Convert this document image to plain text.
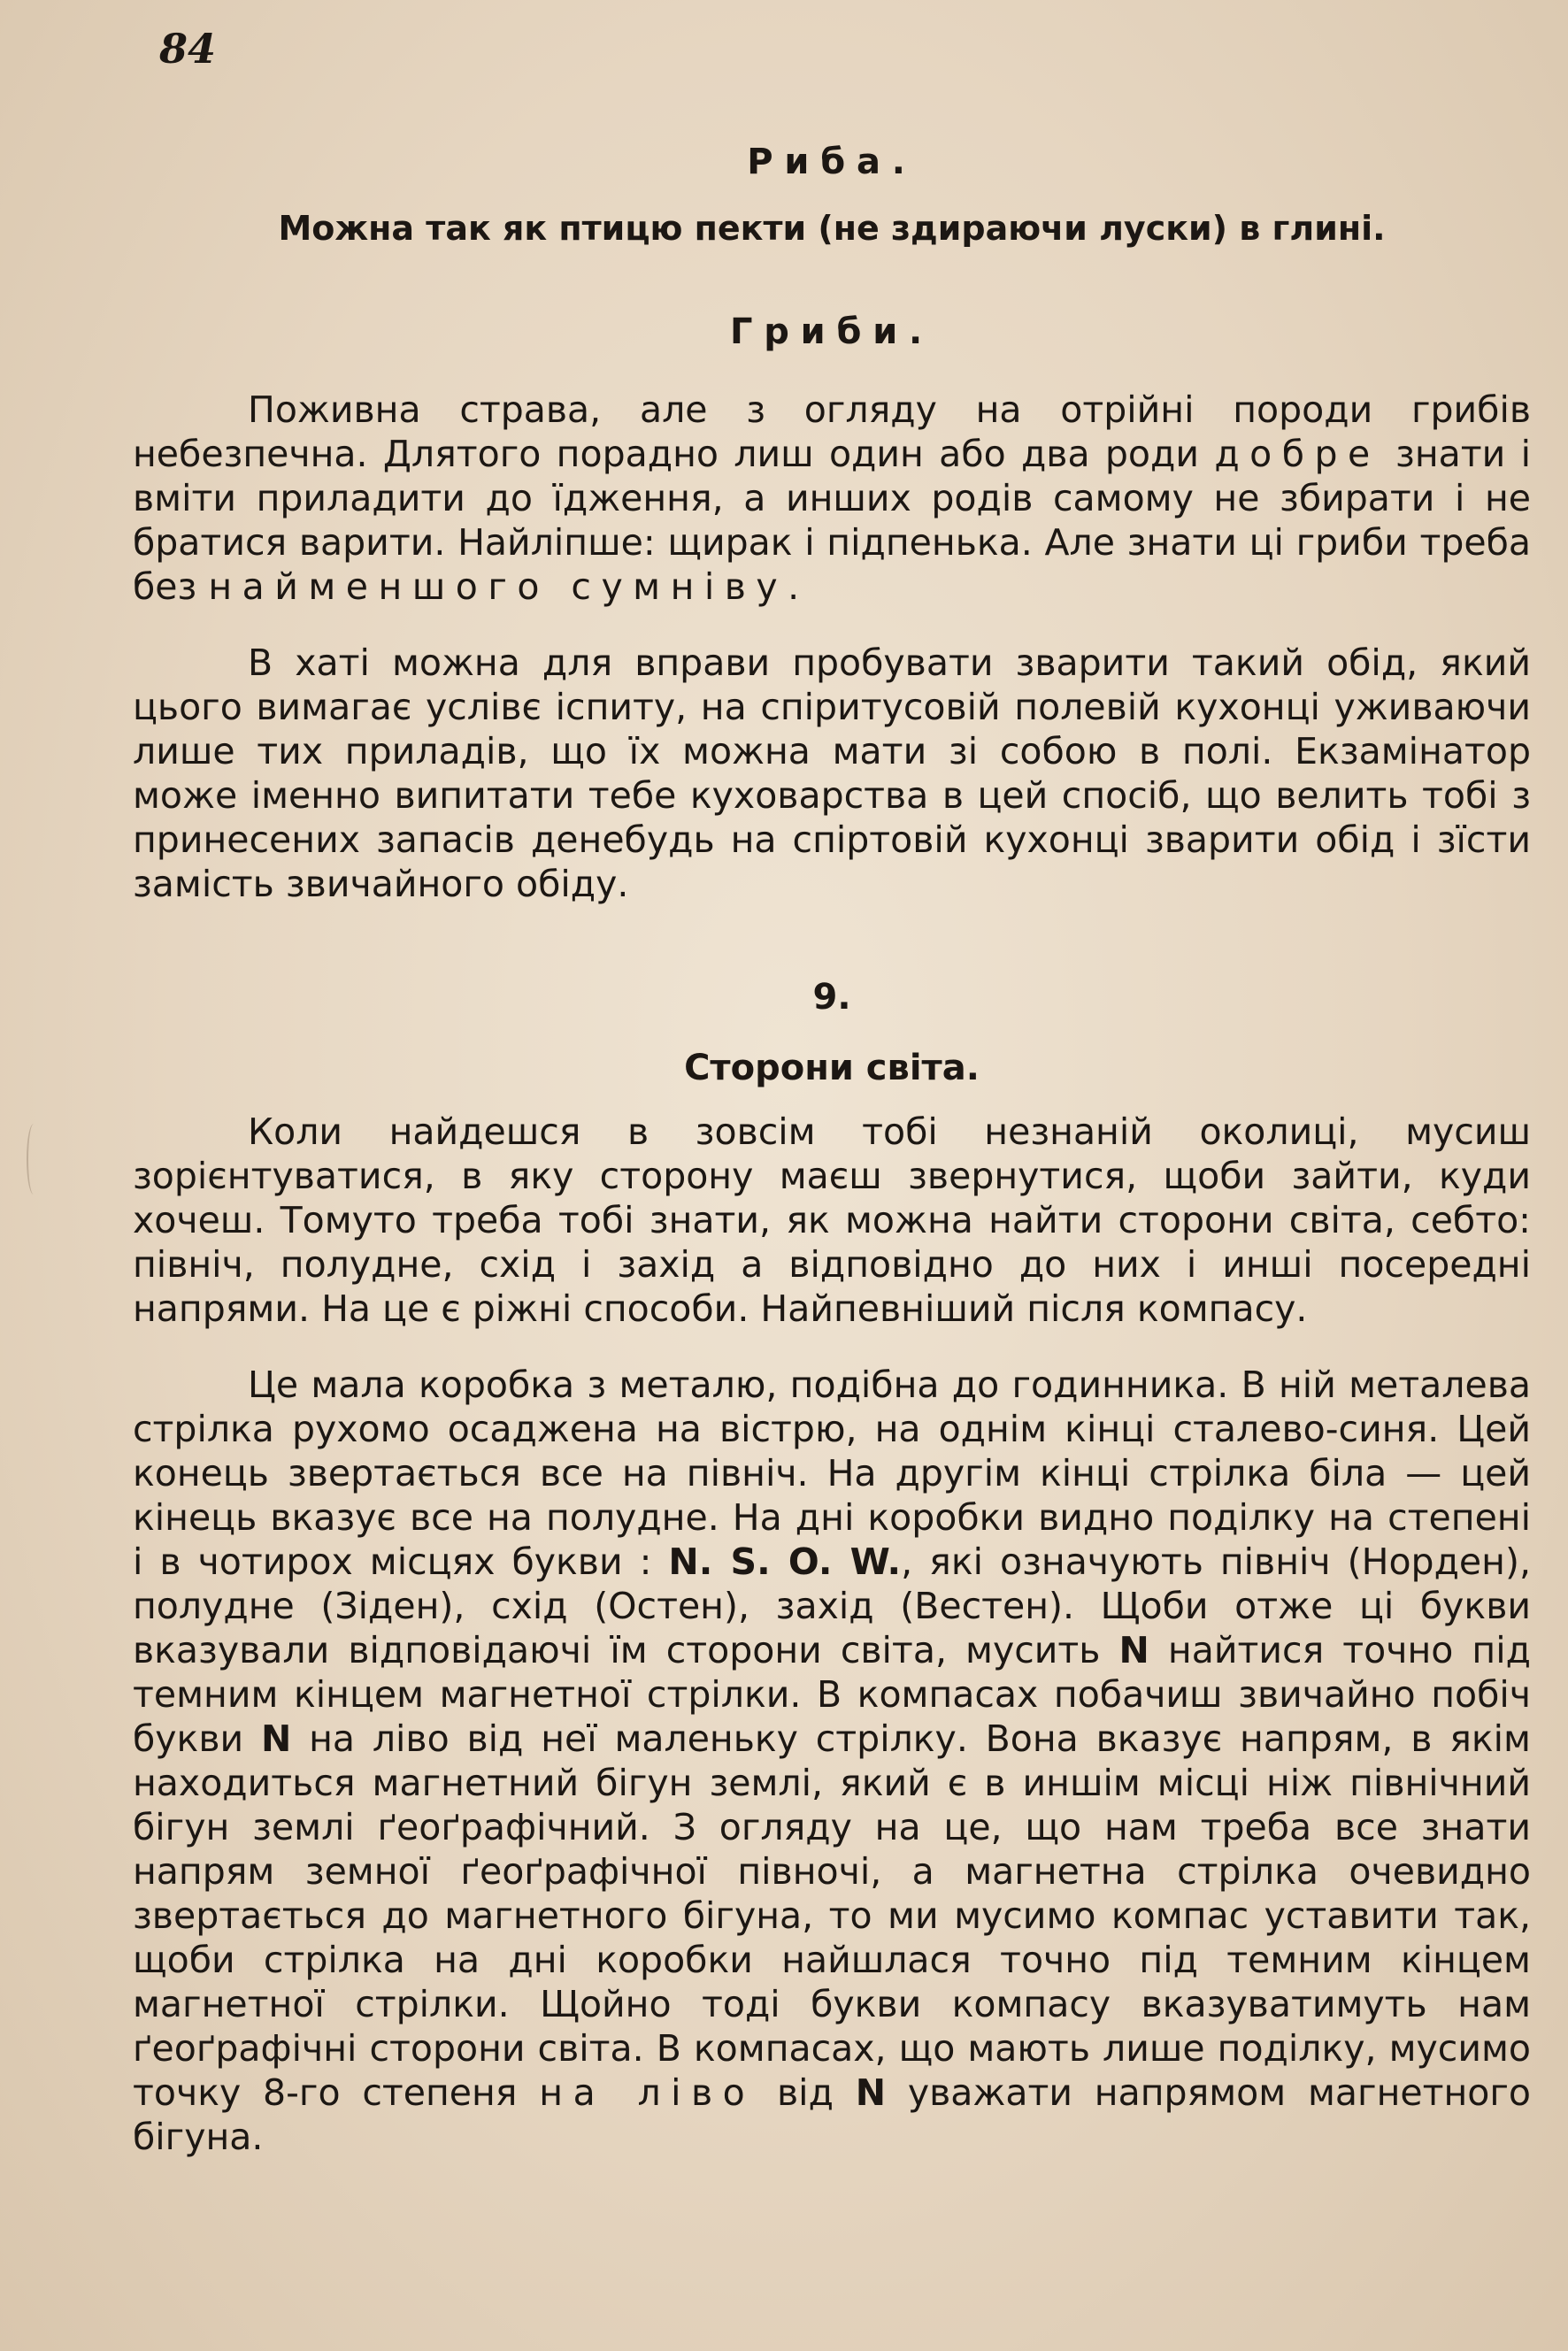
84
Риба.

Можна так як птицю пекти (не здираючи луски) в глині.

Гриби.

Поживна страва, але з огляду на отрійні породи грибів небезпечна. Длятого порадно лиш один або два роди добре знати і вміти приладити до їдження, а инших родів самому не збирати і не братися варити. Найліпше: щирак і підпенька. Але знати ці гриби треба без найменшого сумніву.

В хаті можна для вправи пробувати зварити такий обід, який цього вимагає услівє іспиту, на спіритусовій полевій кухонці уживаючи лише тих приладів, що їх можна мати зі собою в полі. Екзамінатор може іменно випитати тебе куховарства в цей спосіб, що велить тобі з принесених запасів денебудь на спіртовій кухонці зварити обід і зїсти замість звичайного обіду.

9.

Сторони світа.

Коли найдешся в зовсім тобі незнаній околиці, мусиш зорієнтуватися, в яку сторону маєш звернутися, щоби зайти, куди хочеш. Томуто треба тобі знати, як можна найти сторони світа, себто: північ, полудне, схід і захід а відповідно до них і инші посередні напрями. На це є ріжні способи. Найпевніший після компасу.

Це мала коробка з металю, подібна до годинника. В ній металева стрілка рухомо осаджена на вістрю, на однім кінці сталево-синя. Цей конець звертається все на північ. На другім кінці стрілка біла — цей кінець вказує все на полудне. На дні коробки видно поділку на степені і в чотирох місцях букви : N. S. O. W., які означують північ (Норден), полудне (Зіден), схід (Остен), захід (Вестен). Щоби отже ці букви вказували відповідаючі їм сторони світа, мусить N найтися точно під темним кінцем магнетної стрілки. В компасах побачиш звичайно побіч букви N на ліво від неї маленьку стрілку. Вона вказує напрям, в якім находиться магнетний бігун землі, який є в иншім місці ніж північний бігун землі ґеоґрафічний. З огляду на це, що нам треба все знати напрям земної ґеоґрафічної півночі, а магнетна стрілка очевидно звертається до магнетного бігуна, то ми мусимо компас уставити так, щоби стрілка на дні коробки найшлася точно під темним кінцем магнетної стрілки. Щойно тоді букви компасу вказуватимуть нам ґеоґрафічні сторони світа. В компасах, що мають лише поділку, мусимо точку 8-го степеня на ліво від N уважати напрямом магнетного бігуна.
